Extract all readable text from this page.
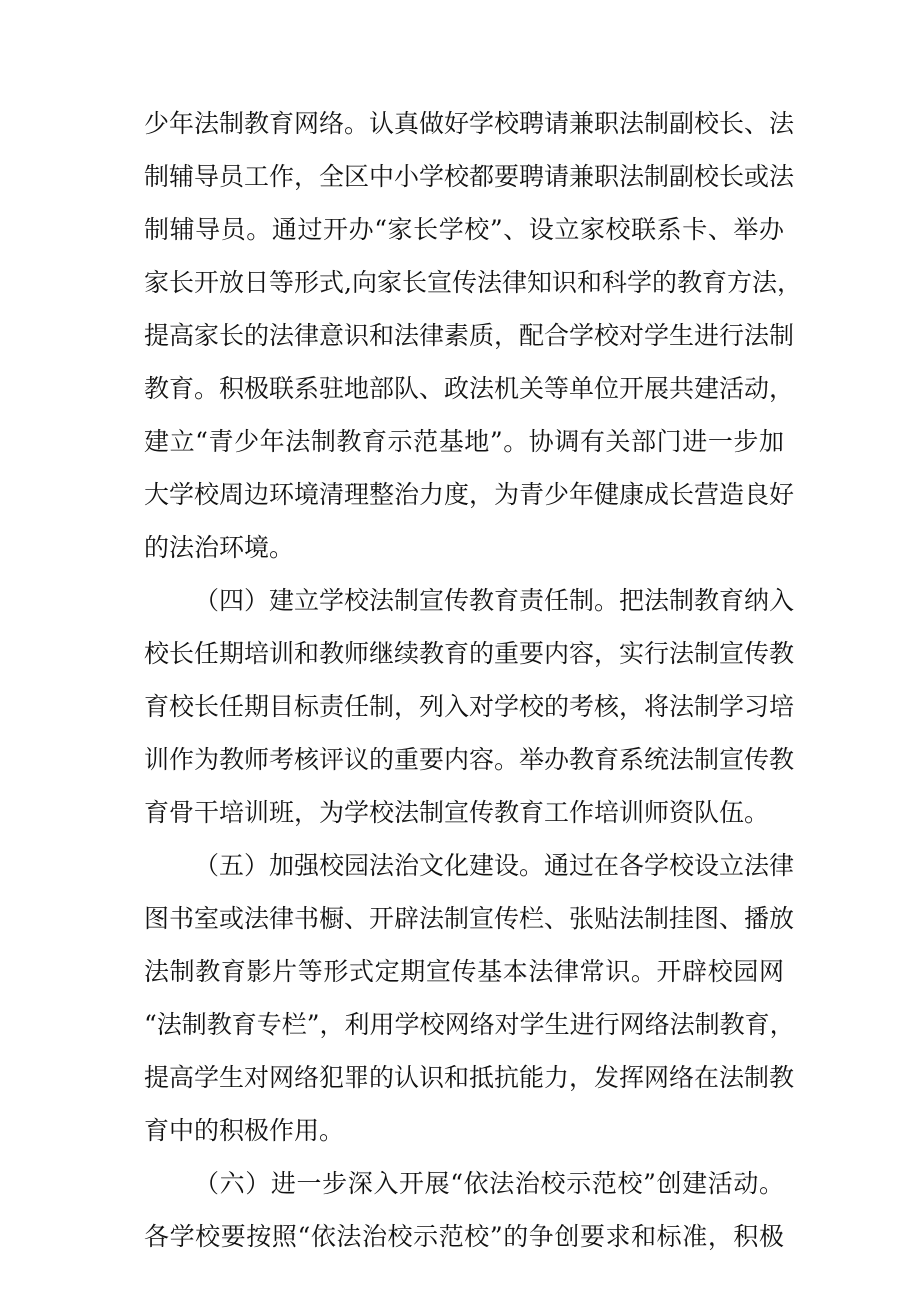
少年法制教育网络。认真做好学校聘请兼职法制副校长、法
制辅导员工作，全区中小学校都要聘请兼职法制副校长或法
制辅导员。通过开办“家长学校”、设立家校联系卡、举办
家长开放日等形式,向家长宣传法律知识和科学的教育方法，
提高家长的法律意识和法律素质，配合学校对学生进行法制
教育。积极联系驻地部队、政法机关等单位开展共建活动，
建立“青少年法制教育示范基地”。协调有关部门进一步加
大学校周边环境清理整治力度，为青少年健康成长营造良好
的法治环境。
（四）建立学校法制宣传教育责任制。把法制教育纳入
校长任期培训和教师继续教育的重要内容，实行法制宣传教
育校长任期目标责任制，列入对学校的考核，将法制学习培
训作为教师考核评议的重要内容。举办教育系统法制宣传教
育骨干培训班，为学校法制宣传教育工作培训师资队伍。
（五）加强校园法治文化建设。通过在各学校设立法律
图书室或法律书橱、开辟法制宣传栏、张贴法制挂图、播放
法制教育影片等形式定期宣传基本法律常识。开辟校园网
“法制教育专栏”，利用学校网络对学生进行网络法制教育，
提高学生对网络犯罪的认识和抵抗能力，发挥网络在法制教
育中的积极作用。
（六）进一步深入开展“依法治校示范校”创建活动。
各学校要按照“依法治校示范校”的争创要求和标准，积极
